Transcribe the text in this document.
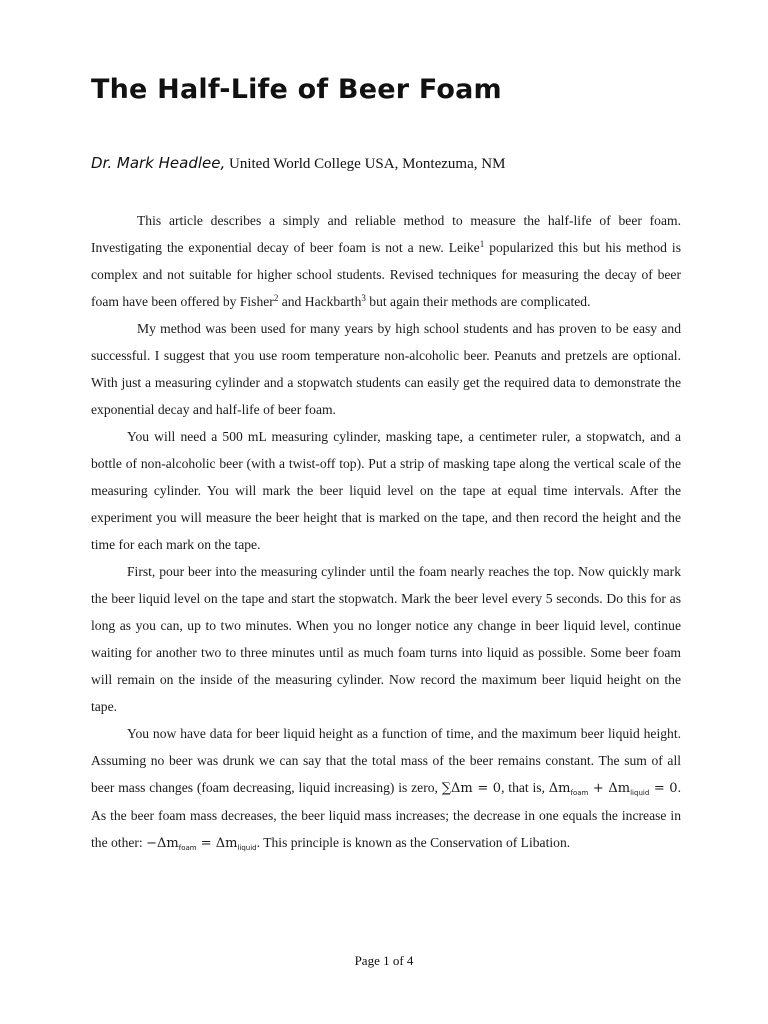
The Half-Life of Beer Foam
Dr. Mark Headlee, United World College USA, Montezuma, NM

This article describes a simply and reliable method to measure the half-life of beer foam. Investigating the exponential decay of beer foam is not a new. Leike$^1$ popularized this but his method is complex and not suitable for higher school students. Revised techniques for measuring the decay of beer foam have been offered by Fisher$^2$ and Hackbarth$^3$ but again their methods are complicated.

My method was been used for many years by high school students and has proven to be easy and successful. I suggest that you use room temperature non-alcoholic beer. Peanuts and pretzels are optional. With just a measuring cylinder and a stopwatch students can easily get the required data to demonstrate the exponential decay and half-life of beer foam.

You will need a 500 mL measuring cylinder, masking tape, a centimeter ruler, a stopwatch, and a bottle of non-alcoholic beer (with a twist-off top). Put a strip of masking tape along the vertical scale of the measuring cylinder. You will mark the beer liquid level on the tape at equal time intervals. After the experiment you will measure the beer height that is marked on the tape, and then record the height and the time for each mark on the tape.

First, pour beer into the measuring cylinder until the foam nearly reaches the top. Now quickly mark the beer liquid level on the tape and start the stopwatch. Mark the beer level every 5 seconds. Do this for as long as you can, up to two minutes. When you no longer notice any change in beer liquid level, continue waiting for another two to three minutes until as much foam turns into liquid as possible. Some beer foam will remain on the inside of the measuring cylinder. Now record the maximum beer liquid height on the tape.

You now have data for beer liquid height as a function of time, and the maximum beer liquid height. Assuming no beer was drunk we can say that the total mass of the beer remains constant. The sum of all beer mass changes (foam decreasing, liquid increasing) is zero, ∑Δm = 0, that is, $\Delta m_{foam} + \Delta m_{liquid} = 0$. As the beer foam mass decreases, the beer liquid mass increases; the decrease in one equals the increase in the other: $-\Delta m_{foam} = \Delta m_{liquid}$. This principle is known as the Conservation of Libation.

Page 1 of 4
